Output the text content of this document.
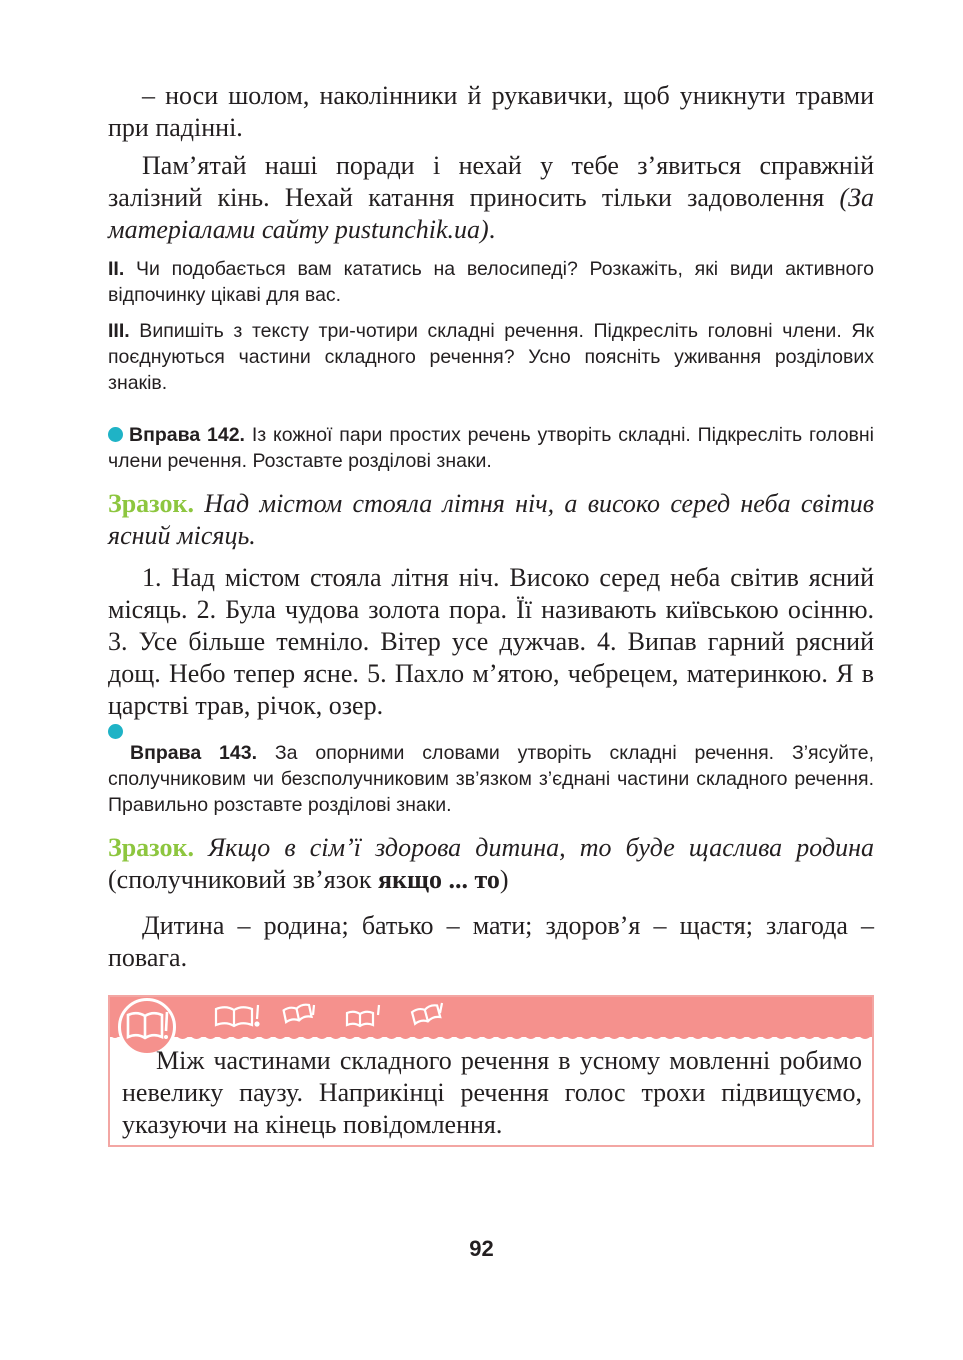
– носи шолом, наколінники й рукавички, щоб уникнути травми при падінні.

Пам’ятай наші поради і нехай у тебе з’явиться справжній залізний кінь. Нехай катання приносить тільки задоволення (За матеріалами сайту pustunchik.ua).

ІІ. Чи подобається вам кататись на велосипеді? Розкажіть, які види активного відпочинку цікаві для вас.

ІІІ. Випишіть з тексту три-чотири складні речення. Підкресліть головні члени. Як поєднуються частини складного речення? Усно поясніть уживання розділових знаків.

Вправа 142. Із кожної пари простих речень утворіть складні. Підкресліть головні члени речення. Розставте розділові знаки.

Зразок. Над містом стояла літня ніч, а високо серед неба світив ясний місяць.

1. Над містом стояла літня ніч. Високо серед неба світив ясний місяць. 2. Була чудова золота пора. Її називають київською осінню. 3. Усе більше темніло. Вітер усе дужчав. 4. Випав гарний рясний дощ. Небо тепер ясне. 5. Пахло м’ятою, чебрецем, материнкою. Я в царстві трав, річок, озер.

Вправа 143. За опорними словами утворіть складні речення. З’ясуйте, сполучниковим чи безсполучниковим зв’язком з’єднані частини складного речення. Правильно розставте розділові знаки.

Зразок. Якщо в сім’ї здорова дитина, то буде щаслива родина (сполучниковий зв’язок якщо ... то)

Дитина – родина; батько – мати; здоров’я – щастя; злагода – повага.

Між частинами складного речення в усному мовленні робимо невелику паузу. Наприкінці речення голос трохи підвищуємо, указуючи на кінець повідомлення.

92
